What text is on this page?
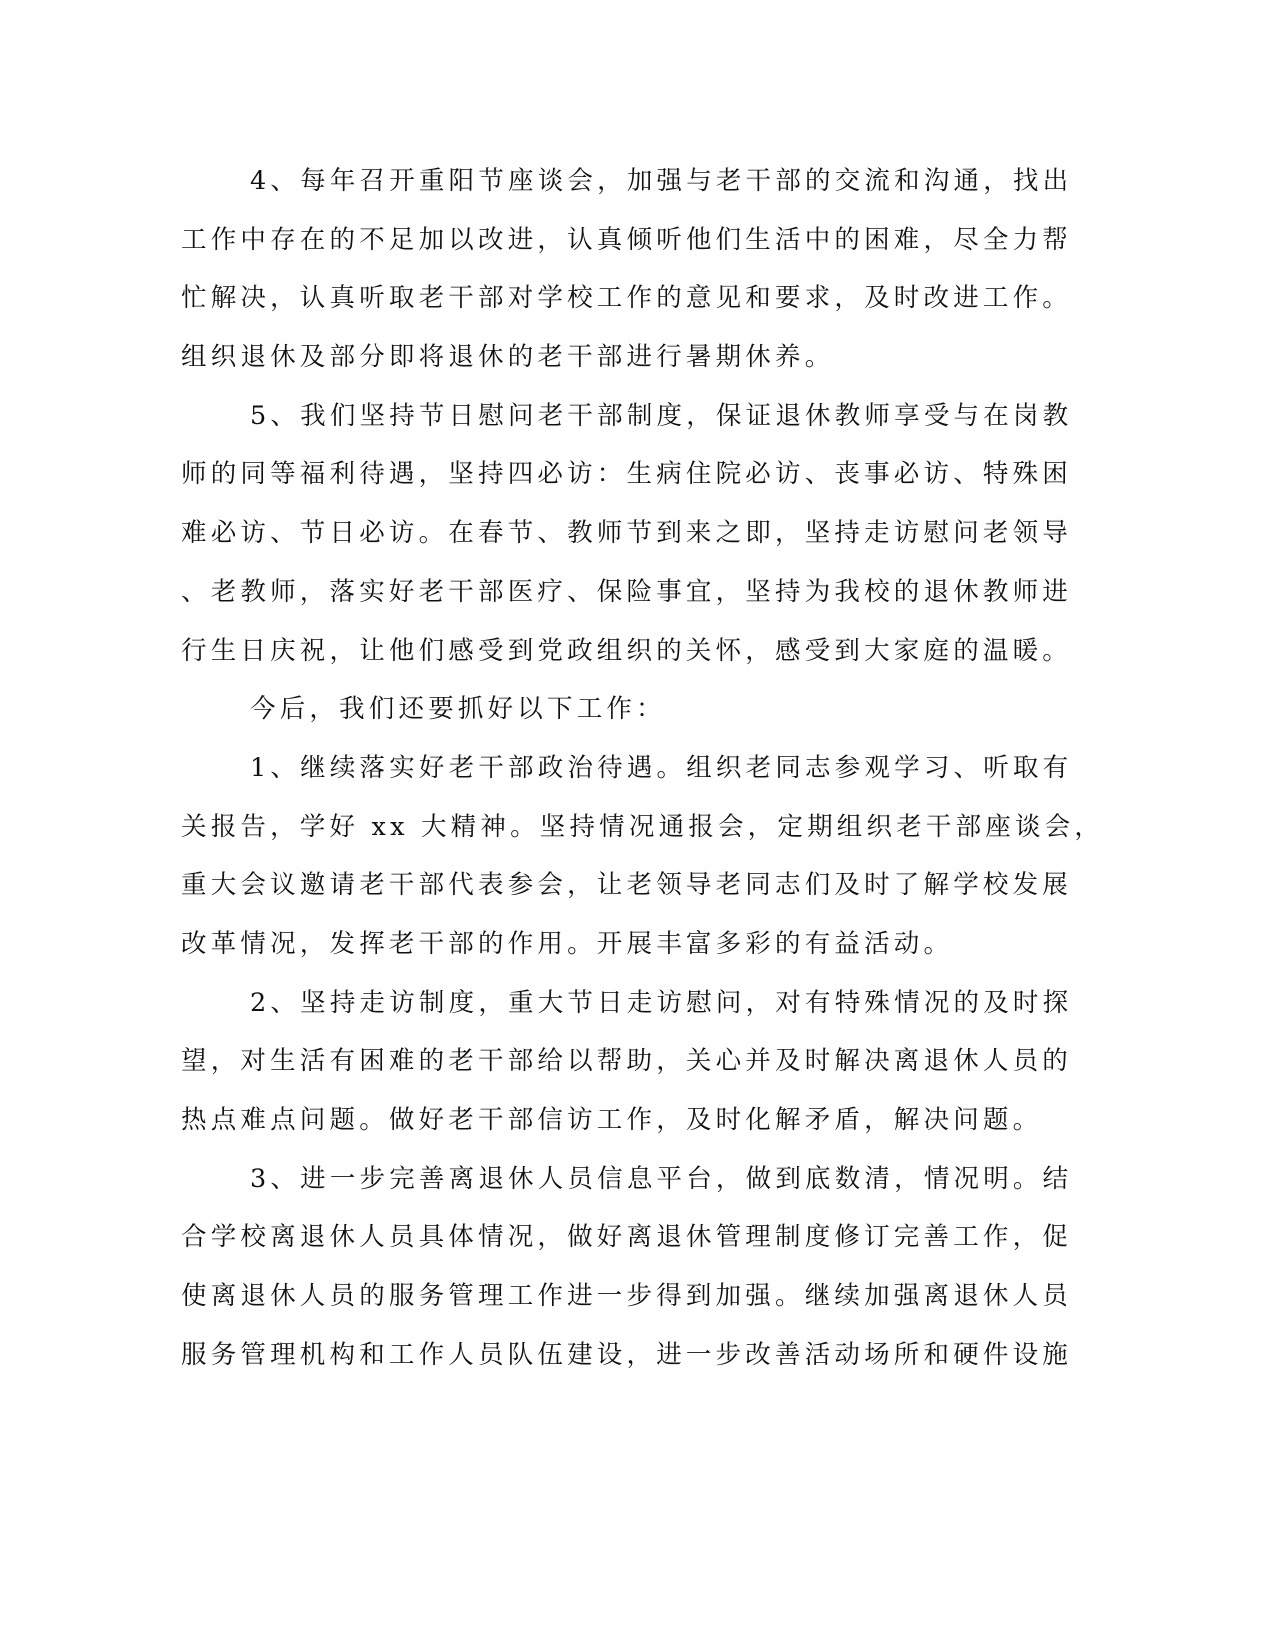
4、每年召开重阳节座谈会，加强与老干部的交流和沟通，找出
工作中存在的不足加以改进，认真倾听他们生活中的困难，尽全力帮
忙解决，认真听取老干部对学校工作的意见和要求，及时改进工作。
组织退休及部分即将退休的老干部进行暑期休养。
5、我们坚持节日慰问老干部制度，保证退休教师享受与在岗教
师的同等福利待遇，坚持四必访：生病住院必访、丧事必访、特殊困
难必访、节日必访。在春节、教师节到来之即，坚持走访慰问老领导
、老教师，落实好老干部医疗、保险事宜，坚持为我校的退休教师进
行生日庆祝，让他们感受到党政组织的关怀，感受到大家庭的温暖。
今后，我们还要抓好以下工作：
1、继续落实好老干部政治待遇。组织老同志参观学习、听取有
关报告，学好 xx 大精神。坚持情况通报会，定期组织老干部座谈会，
重大会议邀请老干部代表参会，让老领导老同志们及时了解学校发展
改革情况，发挥老干部的作用。开展丰富多彩的有益活动。
2、坚持走访制度，重大节日走访慰问，对有特殊情况的及时探
望，对生活有困难的老干部给以帮助，关心并及时解决离退休人员的
热点难点问题。做好老干部信访工作，及时化解矛盾，解决问题。
3、进一步完善离退休人员信息平台，做到底数清，情况明。结
合学校离退休人员具体情况，做好离退休管理制度修订完善工作，促
使离退休人员的服务管理工作进一步得到加强。继续加强离退休人员
服务管理机构和工作人员队伍建设，进一步改善活动场所和硬件设施
